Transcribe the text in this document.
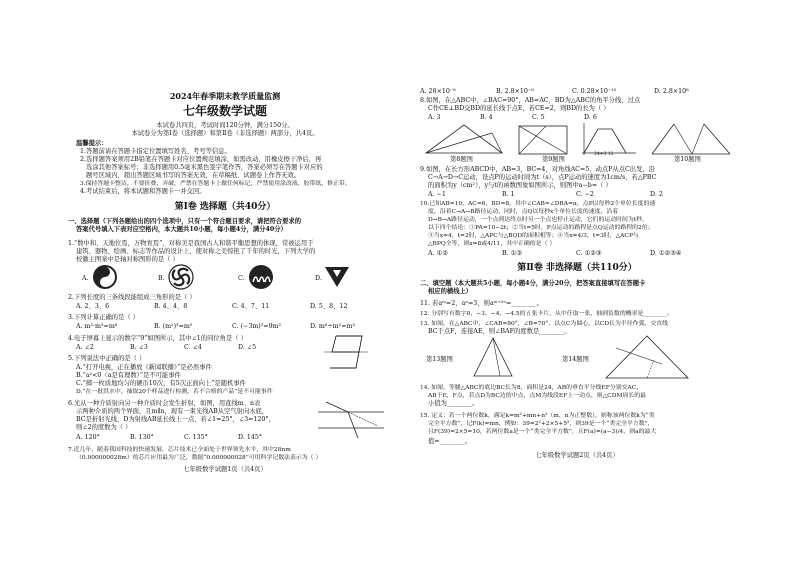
2024年春季期末教学质量监测
七年级数学试题
本试卷共四页，考试时间120分钟，满分150分。
本试卷分为第Ⅰ卷（选择题）和第Ⅱ卷（非选择题）两部分，共4页。
温馨提示：
1.答题前请在答题卡指定位置填写姓名、考号等信息。
2.选择题答案须用2B铅笔在答题卡对应位置规范填涂，如需改动，用橡皮擦干净后，再
选涂其他答案标号；非选择题用0.5毫米黑色签字笔作答，答案必须写在答题卡对应的
题号区域内，超出答题区域书写的答案无效，在草稿纸、试题卷上作答无效。
3.保持答题卡整洁，不要折叠、弄破，严禁在答题卡上做任何标记，严禁使用涂改液、胶带纸、修正带。
4.考试结束后，将本试题和答题卡一并交回。
第Ⅰ卷 选择题（共40分）
一、选择题（下列各题给出的四个选项中，只有一个符合题目要求，请把符合要求的
答案代号填入下表对应空格内，本大题共10小题，每小题4分，满分40分）
1.“数中和、天地位焉，万物育焉”，对称美是我国古人和谐平衡思想的体现，常被运用于
建筑、器物、绘画、标志等作品的设计上，使对称之美惊艳了千年的时光，下列大学的
校徽主图案中是轴对称图形的是（ ）
A.	B.	C.	D.
2.下列长度的三条线段能组成三角形的是（ ）
A. 2、3、6	B. 4、4、8	C. 4、7、11	D. 5、8、12
3.下列计算正确的是（ ）
A. m²·m³=m⁶	B. (m²)³=m⁵	C. (−3m)²=9m²	D. m⁶÷m²=m³
4.电子屏幕上显示的数字“9”如图所示，其中∠1的同位角是（ ）
A. ∠2	B. ∠3	C. ∠4	D. ∠5
5.下列说法中正确的是（ ）
A.“打开电视，正在播放《新闻联播》”是必然事件
B.“a²<0（a是有理数）”是不可能事件
C.“掷一枚质地均匀的硬币10次，有5次正面向上”是随机事件
D.“在一批洪水中，抽取20个样品进行检测，若不合格的产品”是不可能事件
6.光从一种介质射向另一种介质时会发生折射，如图，用直线m、n表
示两种介质的两个界面，且m∥n，现有一束光线AB从空气射向水底，
BC是折射光线，D为射线AB延长线上一点，若∠1=25°，∠3=120°，
则∠2的度数为（ ）
A. 120°	B. 130°	C. 135°	D. 145°
7.近几年，随着我国科技的快速发展，芯片技术已全面处于世界领先水平，其中28nm
（0.000000028m）的芯片应用最为广泛，数据“0.000000028”可用科学记数法表示为（ ）
七年级数学试题1页（共4页）
A. 28×10⁻⁸	B. 2.8×10⁻⁸	C. 0.28×10⁻¹⁰	D. 2.8×10⁸
8.如图，在△ABC中，∠BAC=90°，AB=AC，BD为△ABC的角平分线，过点
C作CE⊥BD交BD的延长线于点E，若CE=2，则BD的长为（ ）
A. 3	B. 4	C. 5	D. 6
24+3 12
第8题图	第9题图	第10题图
9.如图，在长方形ABCD中，AB=3，BC=4，对角线AC=5，动点P从点C出发，沿
C→A→D→C运动，设点P的运动时间为t（s），点P运动的速度为1cm/s，若△PBC
的面积为y（cm²），y与t的函数图象如图所示，则图中a−b=（ ）
A. −1	B. 1	C. −2	D. 2
10.已知AB=10，AC=6，BD=8，其中∠CAB=∠DBA=α，点P以每秒2个单位长度的速
度，沿着C→A→B路径运动，同时，点Q以每秒x个单位长度的速度，沿着
D→B→A路径运动，一个点到达终点时另一个点也停止运动，它们的运动时间为t秒，
以下四个结论：①PA=10−2t；②当t=5时，P点运动的路程是点Q运动的路程的2倍；
③当x=4，t=2时，△APC与△BQD的面积相等；④当x=4/3，t=3时，△ACP与
△BPQ全等，则x=8或4/11，其中正确的是（ ）
A. ①②	B. ①③	C. ①②③	D. ①②③④
第Ⅱ卷 非选择题（共110分）
二、填空题（本大题共5小题，每小题4分，满分20分，把答案直接填写在答题卡
相应的横线上）
11. 若aᵐ=2，aⁿ=3，则aᵐ⁺²ⁿ=________。
12. 分别写有数字0，−3，−4，−4.5的五张卡片，从中任取一张，抽到负数的概率是________。
13. 如图，在△ABC中，∠CAB=80°，∠B=70°，以点C为圆心，以CD长为半径作弧，交直线
BC于点F，连接AE，则∠BAF的度数是________。
第13题图	第14题图
14. 如图，等腰△ABC的底边BC长为8，面积是24，AB的垂直平分线EF分别交AC，
AB于E，F点，若点D为BC边的中点，点M为线段EF上一动点，则△CDM周长的最
小值为________。
15. 定义：若一个两位数k，满足k=m²+mn+n²（m，n为正整数），则称该两位数k为“类
完全平方数”，记F(k)=mn，例如：39=2²+2×5+5²，则39是一个“类完全平方数”，
且F(39)=2×5=10，若两位数a是一个“类完全平方数”，且F(a)=(a−3)/4，则a的最大
值=________。
七年级数学试题2页（共4页）
